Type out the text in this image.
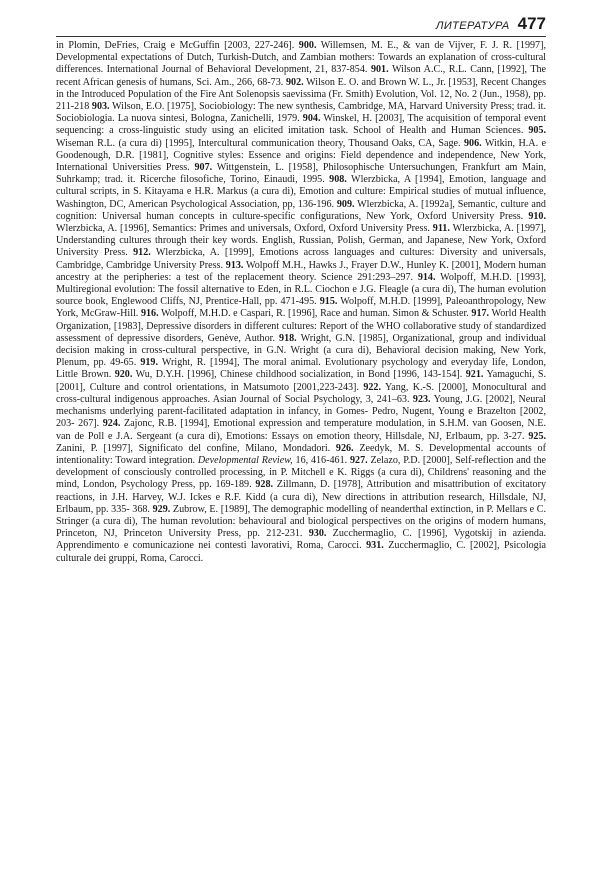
ЛИТЕРАТУРА 477
in Plomin, DeFries, Craig e McGuffin [2003, 227-246]. 900. Willemsen, M. E., & van de Vijver, F. J. R. [1997], Developmental expectations of Dutch, Turkish-Dutch, and Zambian mothers: Towards an explanation of cross-cultural differences. International Journal of Behavioral Development, 21, 837-854. 901. Wilson A.C., R.L. Cann, [1992], The recent African genesis of humans, Sci. Am., 266, 68-73. 902. Wilson E. O. and Brown W. L., Jr. [1953], Recent Changes in the Introduced Population of the Fire Ant Solenopsis saevissima (Fr. Smith) Evolution, Vol. 12, No. 2 (Jun., 1958), pp. 211-218 903. Wilson, E.O. [1975], Sociobiology: The new synthesis, Cambridge, MA, Harvard University Press; trad. it. Sociobiologia. La nuova sintesi, Bologna, Zanichelli, 1979. 904. Winskel, H. [2003], The acquisition of temporal event sequencing: a cross-linguistic study using an elicited imitation task. School of Health and Human Sciences. 905. Wiseman R.L. (a cura di) [1995], Intercultural communication theory, Thousand Oaks, CA, Sage. 906. Witkin, H.A. e Goodenough, D.R. [1981], Cognitive styles: Essence and origins: Field dependence and independence, New York, International Universities Press. 907. Wittgenstein, L. [1958], Philosophische Untersuchungen, Frankfurt am Main, Suhrkamp; trad. it. Ricerche filosofiche, Torino, Einaudi, 1995. 908. Wlerzbicka, A [1994], Emotion, language and cultural scripts, in S. Kitayama e H.R. Markus (a cura di), Emotion and culture: Empirical studies of mutual influence, Washington, DC, American Psychological Association, pp, 136-196. 909. Wlerzbicka, A. [1992a], Semantic, culture and cognition: Universal human concepts in culture-specific configurations, New York, Oxford University Press. 910. Wlerzbicka, A. [1996], Semantics: Primes and universals, Oxford, Oxford University Press. 911. Wlerzbicka, A. [1997], Understanding cultures through their key words. English, Russian, Polish, German, and Japanese, New York, Oxford University Press. 912. Wlerzbicka, A. [1999], Emotions across languages and cultures: Diversity and universals, Cambridge, Cambridge University Press. 913. Wolpoff M.H., Hawks J., Frayer D.W., Hunley K. [2001], Modern human ancestry at the peripheries: a test of the replacement theory. Science 291:293–297. 914. Wolpoff, M.H.D. [1993], Multiregional evolution: The fossil alternative to Eden, in R.L. Ciochon e J.G. Fleagle (a cura di), The human evolution source book, Englewood Cliffs, NJ, Prentice-Hall, pp. 471-495. 915. Wolpoff, M.H.D. [1999], Paleoanthropology, New York, McGraw-Hill. 916. Wolpoff, M.H.D. e Caspari, R. [1996], Race and human. Simon & Schuster. 917. World Health Organization, [1983], Depressive disorders in different cultures: Report of the WHO collaborative study of standardized assessment of depressive disorders, Genève, Author. 918. Wright, G.N. [1985], Organizational, group and individual decision making in cross-cultural perspective, in G.N. Wright (a cura di), Behavioral decision making, New York, Plenum, pp. 49-65. 919. Wright, R. [1994], The moral animal. Evolutionary psychology and everyday life, London, Little Brown. 920. Wu, D.Y.H. [1996], Chinese childhood socialization, in Bond [1996, 143-154]. 921. Yamaguchi, S. [2001], Culture and control orientations, in Matsumoto [2001,223-243]. 922. Yang, K.-S. [2000], Monocultural and cross-cultural indigenous approaches. Asian Journal of Social Psychology, 3, 241–63. 923. Young, J.G. [2002], Neural mechanisms underlying parent-facilitated adaptation in infancy, in Gomes- Pedro, Nugent, Young e Brazelton [2002, 203- 267]. 924. Zajonc, R.B. [1994], Emotional expression and temperature modulation, in S.H.M. van Goosen, N.E. van de Poll e J.A. Sergeant (a cura di), Emotions: Essays on emotion theory, Hillsdale, NJ, Erlbaum, pp. 3-27. 925. Zanini, P. [1997], Significato del confine, Milano, Mondadori. 926. Zeedyk, M. S. Developmental accounts of intentionality: Toward integration. Developmental Review, 16, 416-461. 927. Zelazo, P.D. [2000], Self-reflection and the development of consciously controlled processing, in P. Mitchell e K. Riggs (a cura di), Childrens' reasoning and the mind, London, Psychology Press, pp. 169-189. 928. Zillmann, D. [1978], Attribution and misattribution of excitatory reactions, in J.H. Harvey, W.J. Ickes e R.F. Kidd (a cura di), New directions in attribution research, Hillsdale, NJ, Erlbaum, pp. 335- 368. 929. Zubrow, E. [1989], The demographic modelling of neanderthal extinction, in P. Mellars e C. Stringer (a cura di), The human revolution: behavioural and biological perspectives on the origins of modern humans, Princeton, NJ, Princeton University Press, pp. 212-231. 930. Zucchermaglio, C. [1996], Vygotskij in azienda. Apprendimento e comunicazione nei contesti lavorativi, Roma, Carocci. 931. Zucchermaglio, C. [2002], Psicologia culturale dei gruppi, Roma, Carocci.
